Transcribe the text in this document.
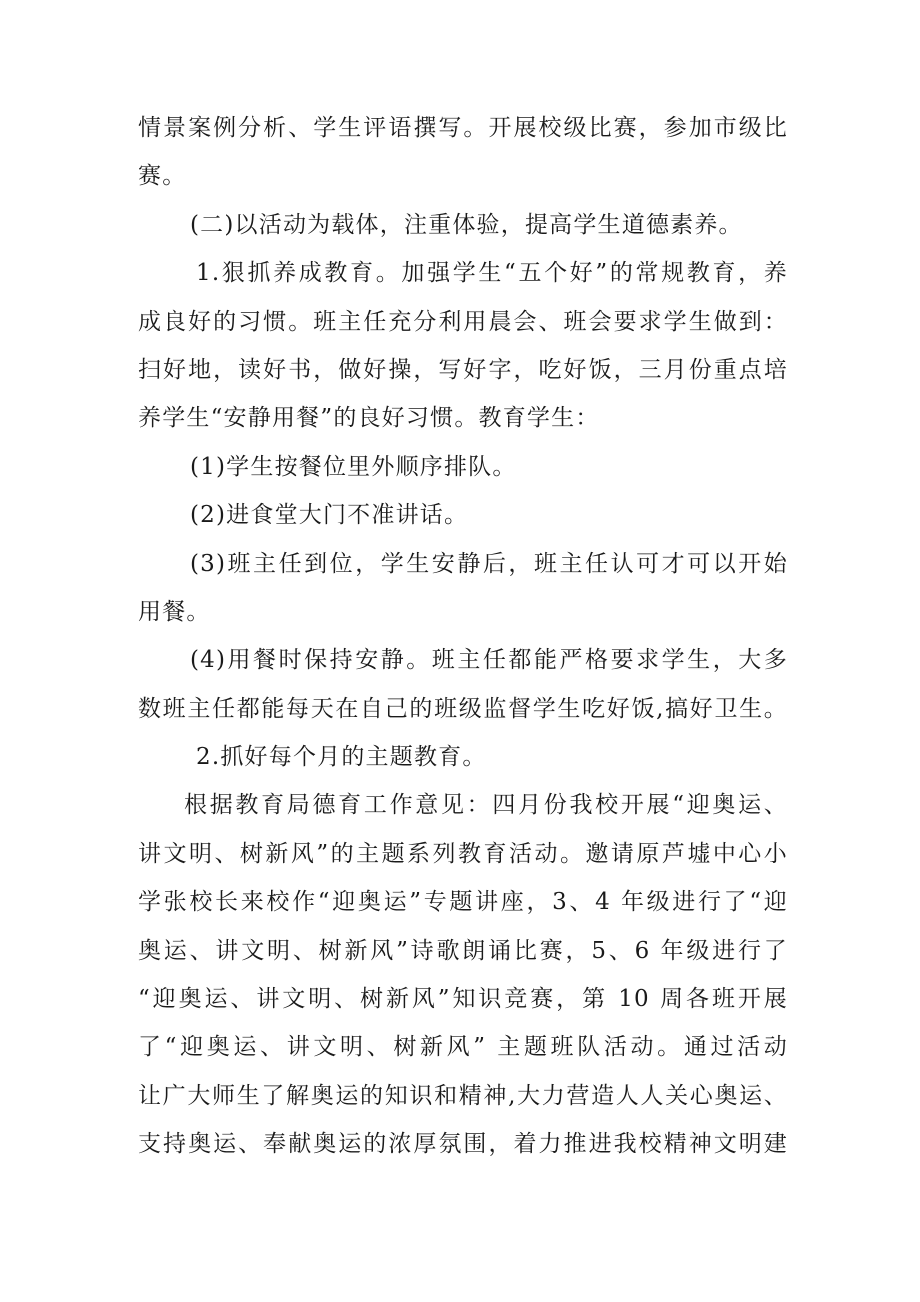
情景案例分析、学生评语撰写。开展校级比赛，参加市级比
赛。
(二)以活动为载体，注重体验，提高学生道德素养。
1.狠抓养成教育。加强学生“五个好”的常规教育，养
成良好的习惯。班主任充分利用晨会、班会要求学生做到：
扫好地，读好书，做好操，写好字，吃好饭，三月份重点培
养学生“安静用餐”的良好习惯。教育学生：
(1)学生按餐位里外顺序排队。
(2)进食堂大门不准讲话。
(3)班主任到位，学生安静后，班主任认可才可以开始
用餐。
(4)用餐时保持安静。班主任都能严格要求学生，大多
数班主任都能每天在自己的班级监督学生吃好饭,搞好卫生。
2.抓好每个月的主题教育。
根据教育局德育工作意见：四月份我校开展“迎奥运、
讲文明、树新风”的主题系列教育活动。邀请原芦墟中心小
学张校长来校作“迎奥运”专题讲座，3、4 年级进行了“迎
奥运、讲文明、树新风”诗歌朗诵比赛，5、6 年级进行了
“迎奥运、讲文明、树新风”知识竞赛，第 10 周各班开展
了“迎奥运、讲文明、树新风” 主题班队活动。通过活动
让广大师生了解奥运的知识和精神,大力营造人人关心奥运、
支持奥运、奉献奥运的浓厚氛围，着力推进我校精神文明建
